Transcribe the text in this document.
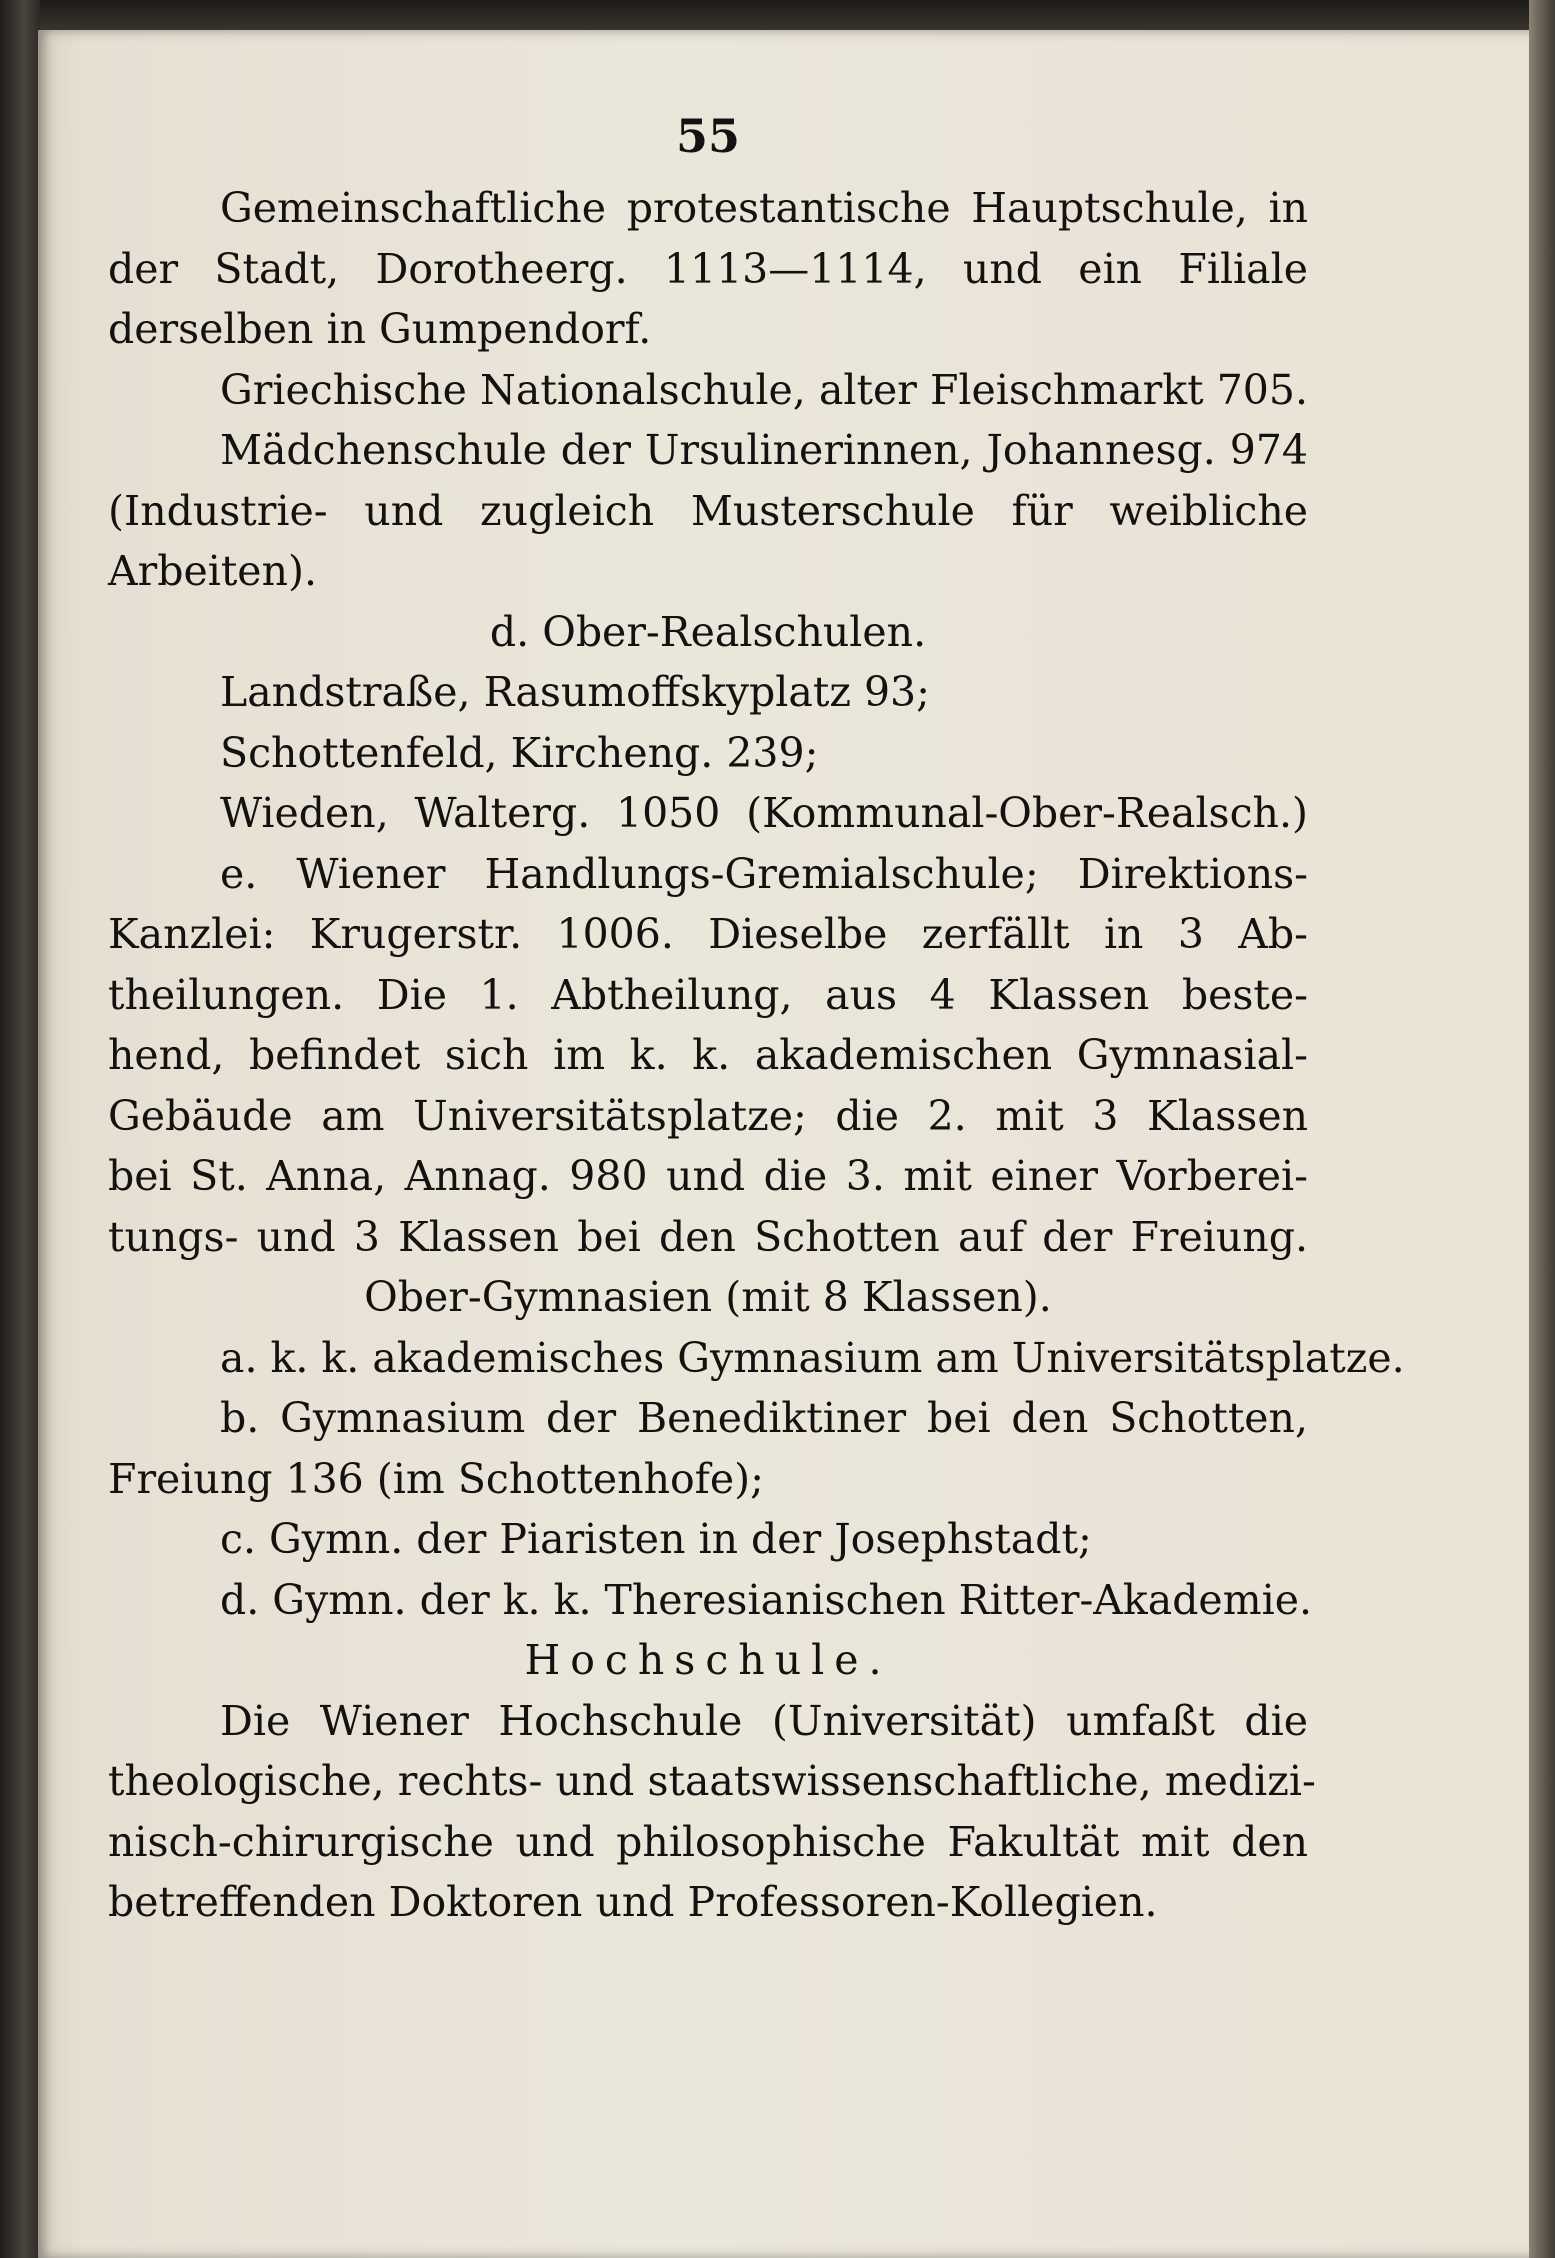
55
Gemeinschaftliche protestantische Hauptschule, in
der Stadt, Dorotheerg. 1113—1114, und ein Filiale
derselben in Gumpendorf.
Griechische Nationalschule, alter Fleischmarkt 705.
Mädchenschule der Ursulinerinnen, Johannesg. 974
(Industrie- und zugleich Musterschule für weibliche
Arbeiten).
d. Ober-Realschulen.
Landstraße, Rasumoffskyplatz 93;
Schottenfeld, Kircheng. 239;
Wieden, Walterg. 1050 (Kommunal-Ober-Realsch.)
e. Wiener Handlungs-Gremialschule; Direktions-
Kanzlei: Krugerstr. 1006. Dieselbe zerfällt in 3 Ab-
theilungen. Die 1. Abtheilung, aus 4 Klassen beste-
hend, befindet sich im k. k. akademischen Gymnasial-
Gebäude am Universitätsplatze; die 2. mit 3 Klassen
bei St. Anna, Annag. 980 und die 3. mit einer Vorberei-
tungs- und 3 Klassen bei den Schotten auf der Freiung.
Ober-Gymnasien (mit 8 Klassen).
a. k. k. akademisches Gymnasium am Universitätsplatze.
b. Gymnasium der Benediktiner bei den Schotten,
Freiung 136 (im Schottenhofe);
c. Gymn. der Piaristen in der Josephstadt;
d. Gymn. der k. k. Theresianischen Ritter-Akademie.
Hochschule.
Die Wiener Hochschule (Universität) umfaßt die
theologische, rechts- und staatswissenschaftliche, medizi-
nisch-chirurgische und philosophische Fakultät mit den
betreffenden Doktoren und Professoren-Kollegien.
